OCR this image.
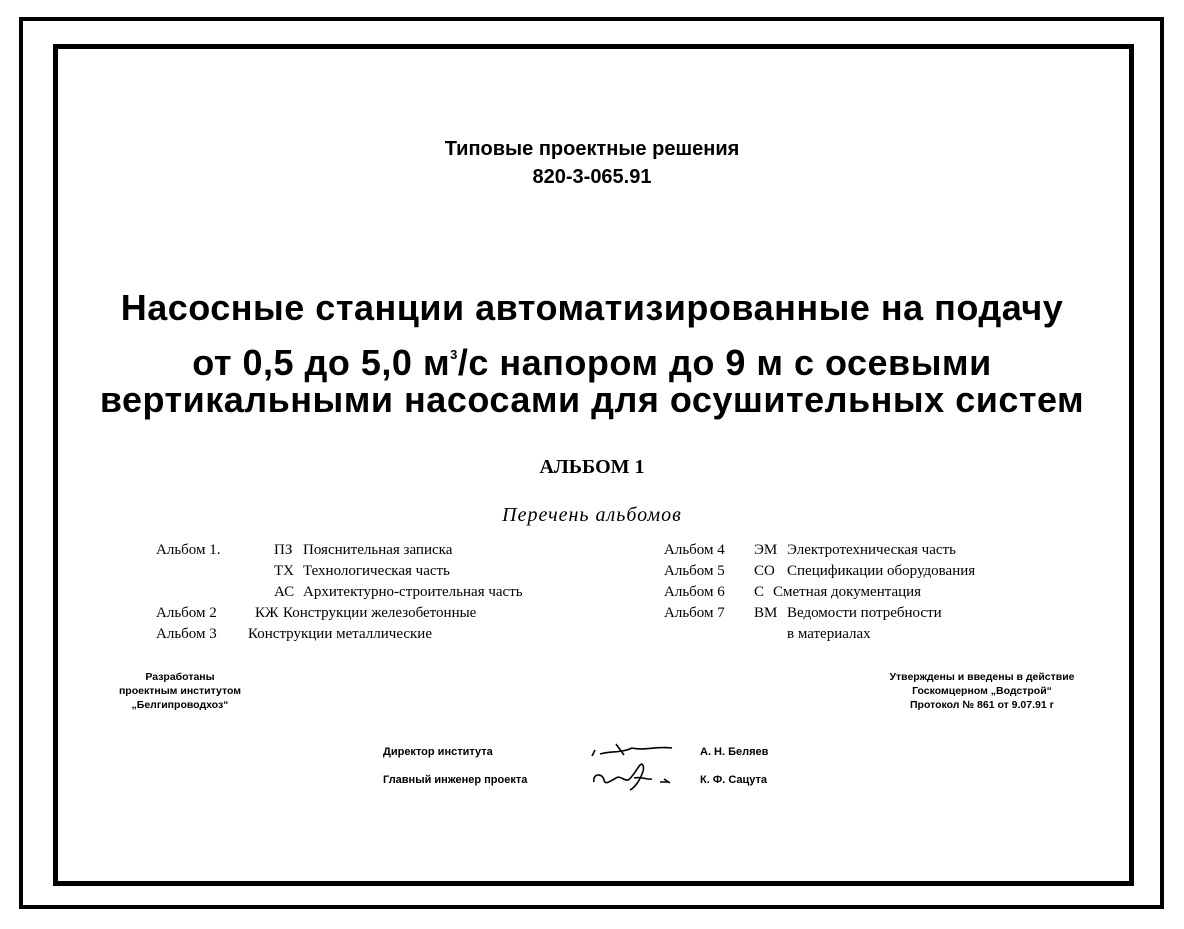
Типовые проектные решения
820-3-065.91
Насосные станции автоматизированные на подачу
от 0,5 до 5,0 $м^3/с$ напором до 9 м с осевыми
вертикальными насосами для осушительных систем
АЛЬБОМ 1
Перечень альбомов
Альбом 1.	ПЗ Пояснительная записка
ТХ Технологическая часть
АС Архитектурно-строительная часть
Альбом 2	КЖ Конструкции железобетонные
Альбом 3	Конструкции металлические
Альбом 4	ЭМ Электротехническая часть
Альбом 5	СО Спецификации оборудования
Альбом 6	С Сметная документация
Альбом 7	ВМ Ведомости потребности
в материалах
Разработаны
проектным институтом
„Белгипроводхоз“
Утверждены и введены в действие
Госкомцерном „Водстрой“
Протокол № 861 от 9.07.91 г
Директор института	А. Н. Беляев
Главный инженер проекта	К. Ф. Сацута
